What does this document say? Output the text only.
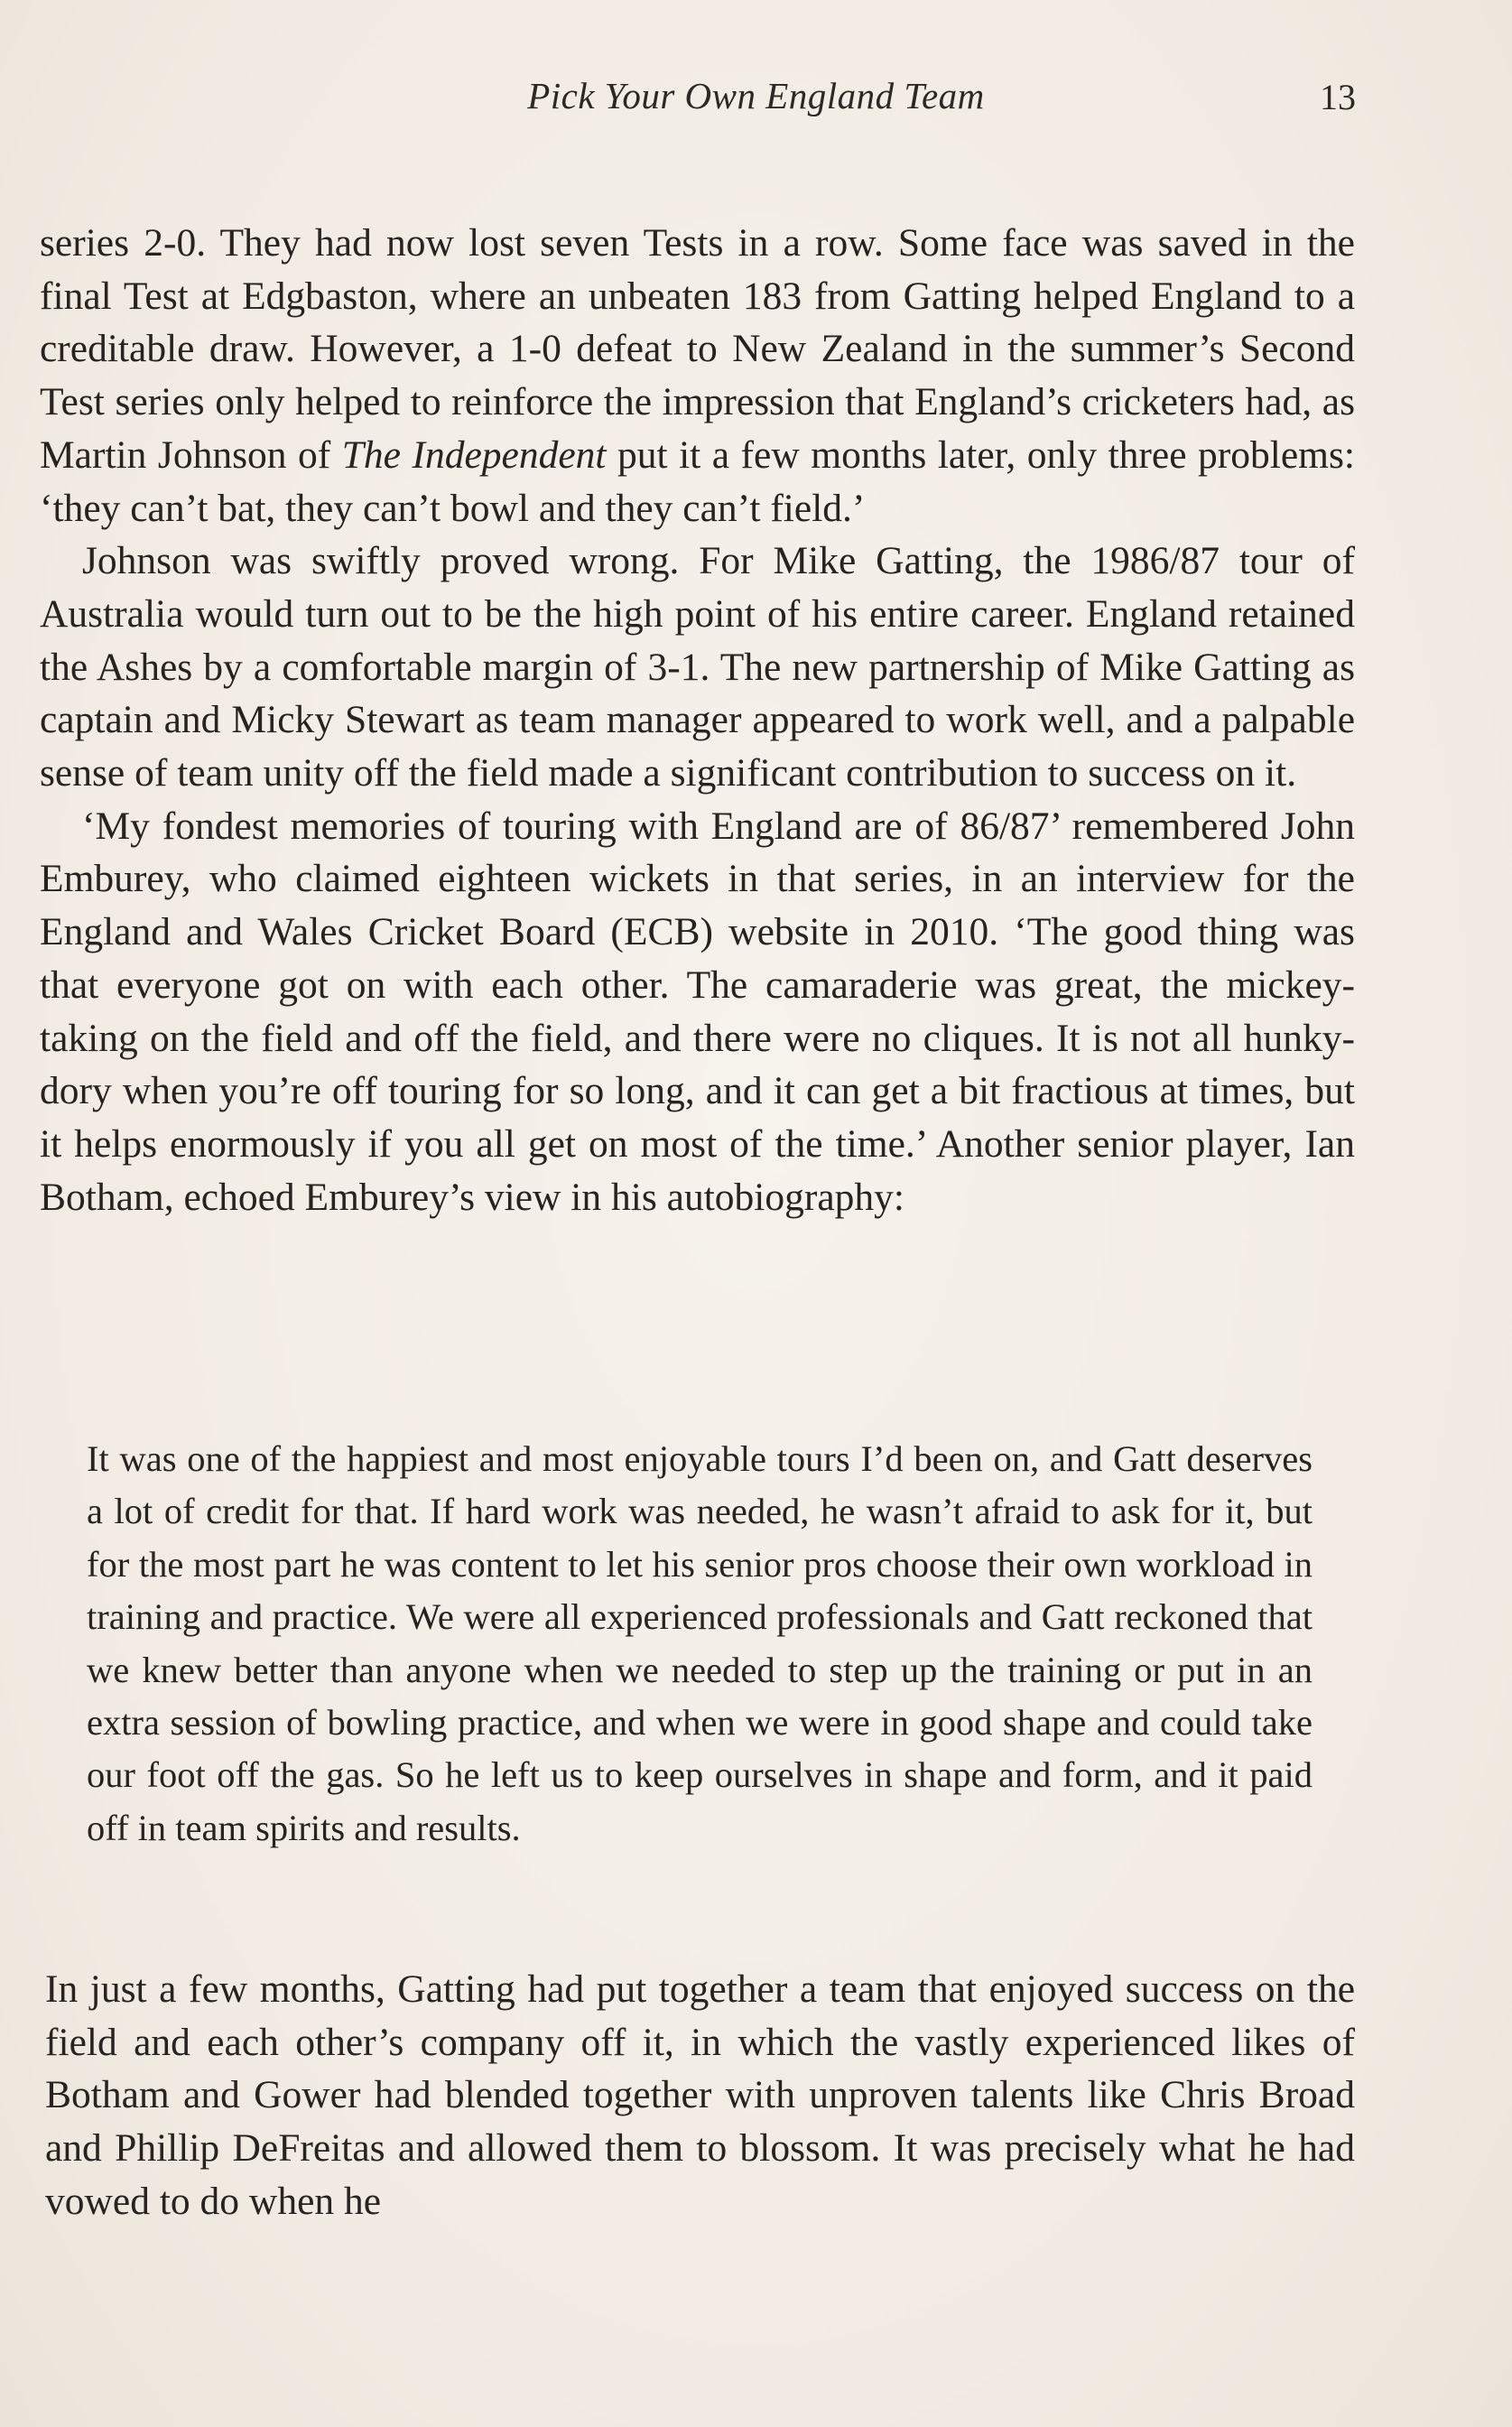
Pick Your Own England Team	13

series 2-0. They had now lost seven Tests in a row. Some face was saved in the final Test at Edgbaston, where an unbeaten 183 from Gatting helped England to a creditable draw. However, a 1-0 defeat to New Zealand in the summer’s Second Test series only helped to reinforce the impression that England’s cricketers had, as Martin Johnson of The Independent put it a few months later, only three problems: ‘they can’t bat, they can’t bowl and they can’t field.’

Johnson was swiftly proved wrong. For Mike Gatting, the 1986/87 tour of Australia would turn out to be the high point of his entire career. England retained the Ashes by a comfortable margin of 3-1. The new partnership of Mike Gatting as captain and Micky Stewart as team manager appeared to work well, and a palpable sense of team unity off the field made a significant contribution to success on it.

‘My fondest memories of touring with England are of 86/87’ remembered John Emburey, who claimed eighteen wickets in that series, in an interview for the England and Wales Cricket Board (ECB) website in 2010. ‘The good thing was that everyone got on with each other. The camaraderie was great, the mickey-taking on the field and off the field, and there were no cliques. It is not all hunky-dory when you’re off touring for so long, and it can get a bit fractious at times, but it helps enormously if you all get on most of the time.’ Another senior player, Ian Botham, echoed Emburey’s view in his autobiography:

It was one of the happiest and most enjoyable tours I’d been on, and Gatt deserves a lot of credit for that. If hard work was needed, he wasn’t afraid to ask for it, but for the most part he was content to let his senior pros choose their own workload in training and practice. We were all experienced professionals and Gatt reckoned that we knew better than anyone when we needed to step up the training or put in an extra session of bowling practice, and when we were in good shape and could take our foot off the gas. So he left us to keep ourselves in shape and form, and it paid off in team spirits and results.

In just a few months, Gatting had put together a team that enjoyed success on the field and each other’s company off it, in which the vastly experienced likes of Botham and Gower had blended together with unproven talents like Chris Broad and Phillip DeFreitas and allowed them to blossom. It was precisely what he had vowed to do when he
